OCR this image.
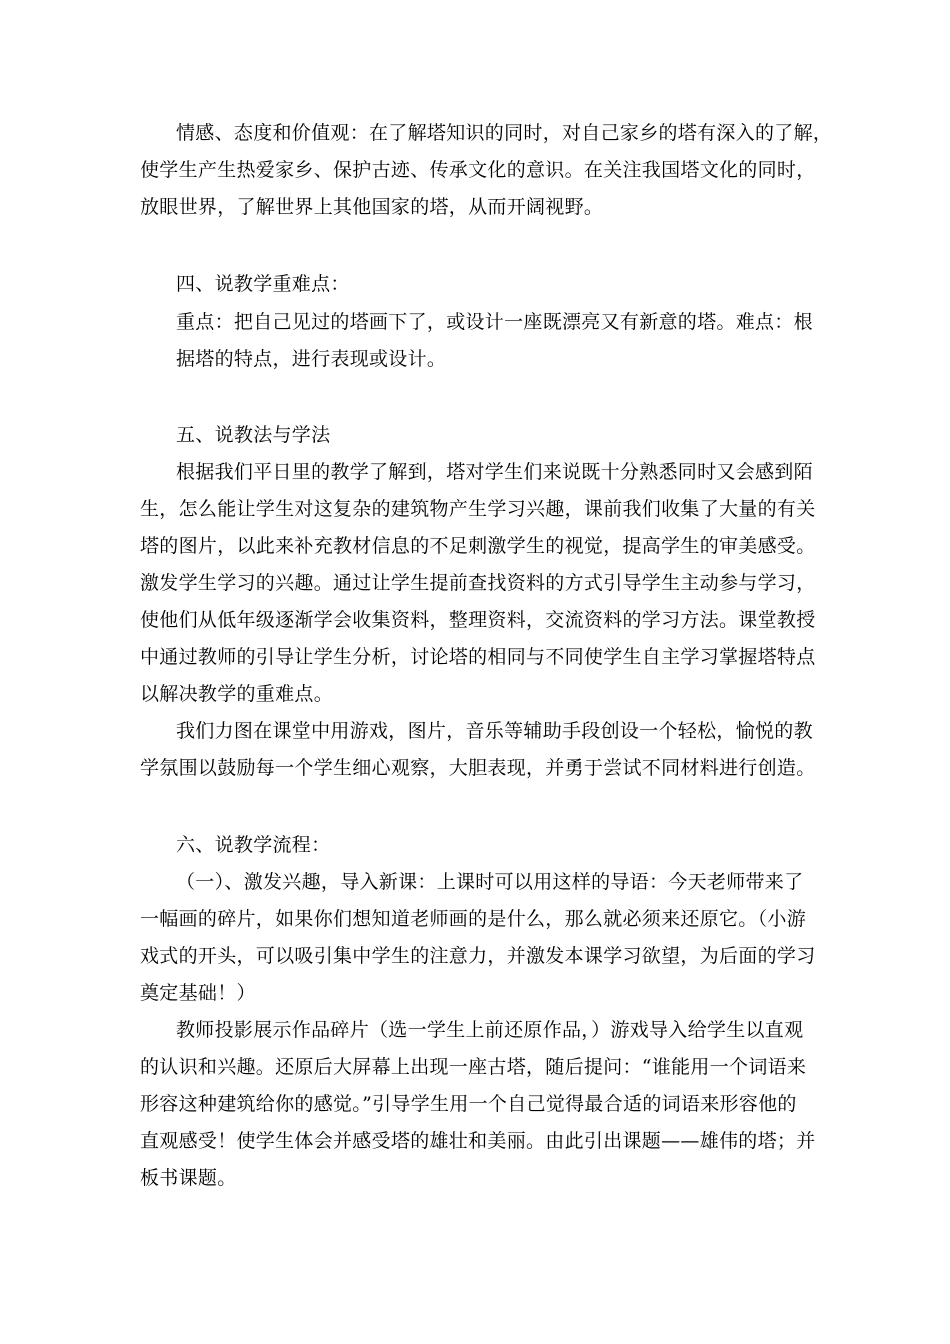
情感、态度和价值观：在了解塔知识的同时，对自己家乡的塔有深入的了解，
使学生产生热爱家乡、保护古迹、传承文化的意识。在关注我国塔文化的同时，
放眼世界，了解世界上其他国家的塔，从而开阔视野。
四、说教学重难点：
重点：把自己见过的塔画下了，或设计一座既漂亮又有新意的塔。难点：根
据塔的特点，进行表现或设计。
五、说教法与学法
根据我们平日里的教学了解到，塔对学生们来说既十分熟悉同时又会感到陌
生，怎么能让学生对这复杂的建筑物产生学习兴趣，课前我们收集了大量的有关
塔的图片，以此来补充教材信息的不足刺激学生的视觉，提高学生的审美感受。
激发学生学习的兴趣。通过让学生提前查找资料的方式引导学生主动参与学习，
使他们从低年级逐渐学会收集资料，整理资料，交流资料的学习方法。课堂教授
中通过教师的引导让学生分析，讨论塔的相同与不同使学生自主学习掌握塔特点
以解决教学的重难点。
我们力图在课堂中用游戏，图片，音乐等辅助手段创设一个轻松，愉悦的教
学氛围以鼓励每一个学生细心观察，大胆表现，并勇于尝试不同材料进行创造。
六、说教学流程：
（一）、激发兴趣，导入新课：上课时可以用这样的导语：今天老师带来了
一幅画的碎片，如果你们想知道老师画的是什么，那么就必须来还原它。（小游
戏式的开头，可以吸引集中学生的注意力，并激发本课学习欲望，为后面的学习
奠定基础！）
教师投影展示作品碎片（选一学生上前还原作品，）游戏导入给学生以直观
的认识和兴趣。还原后大屏幕上出现一座古塔，随后提问：“谁能用一个词语来
形容这种建筑给你的感觉。”引导学生用一个自己觉得最合适的词语来形容他的
直观感受！使学生体会并感受塔的雄壮和美丽。由此引出课题——雄伟的塔；并
板书课题。
